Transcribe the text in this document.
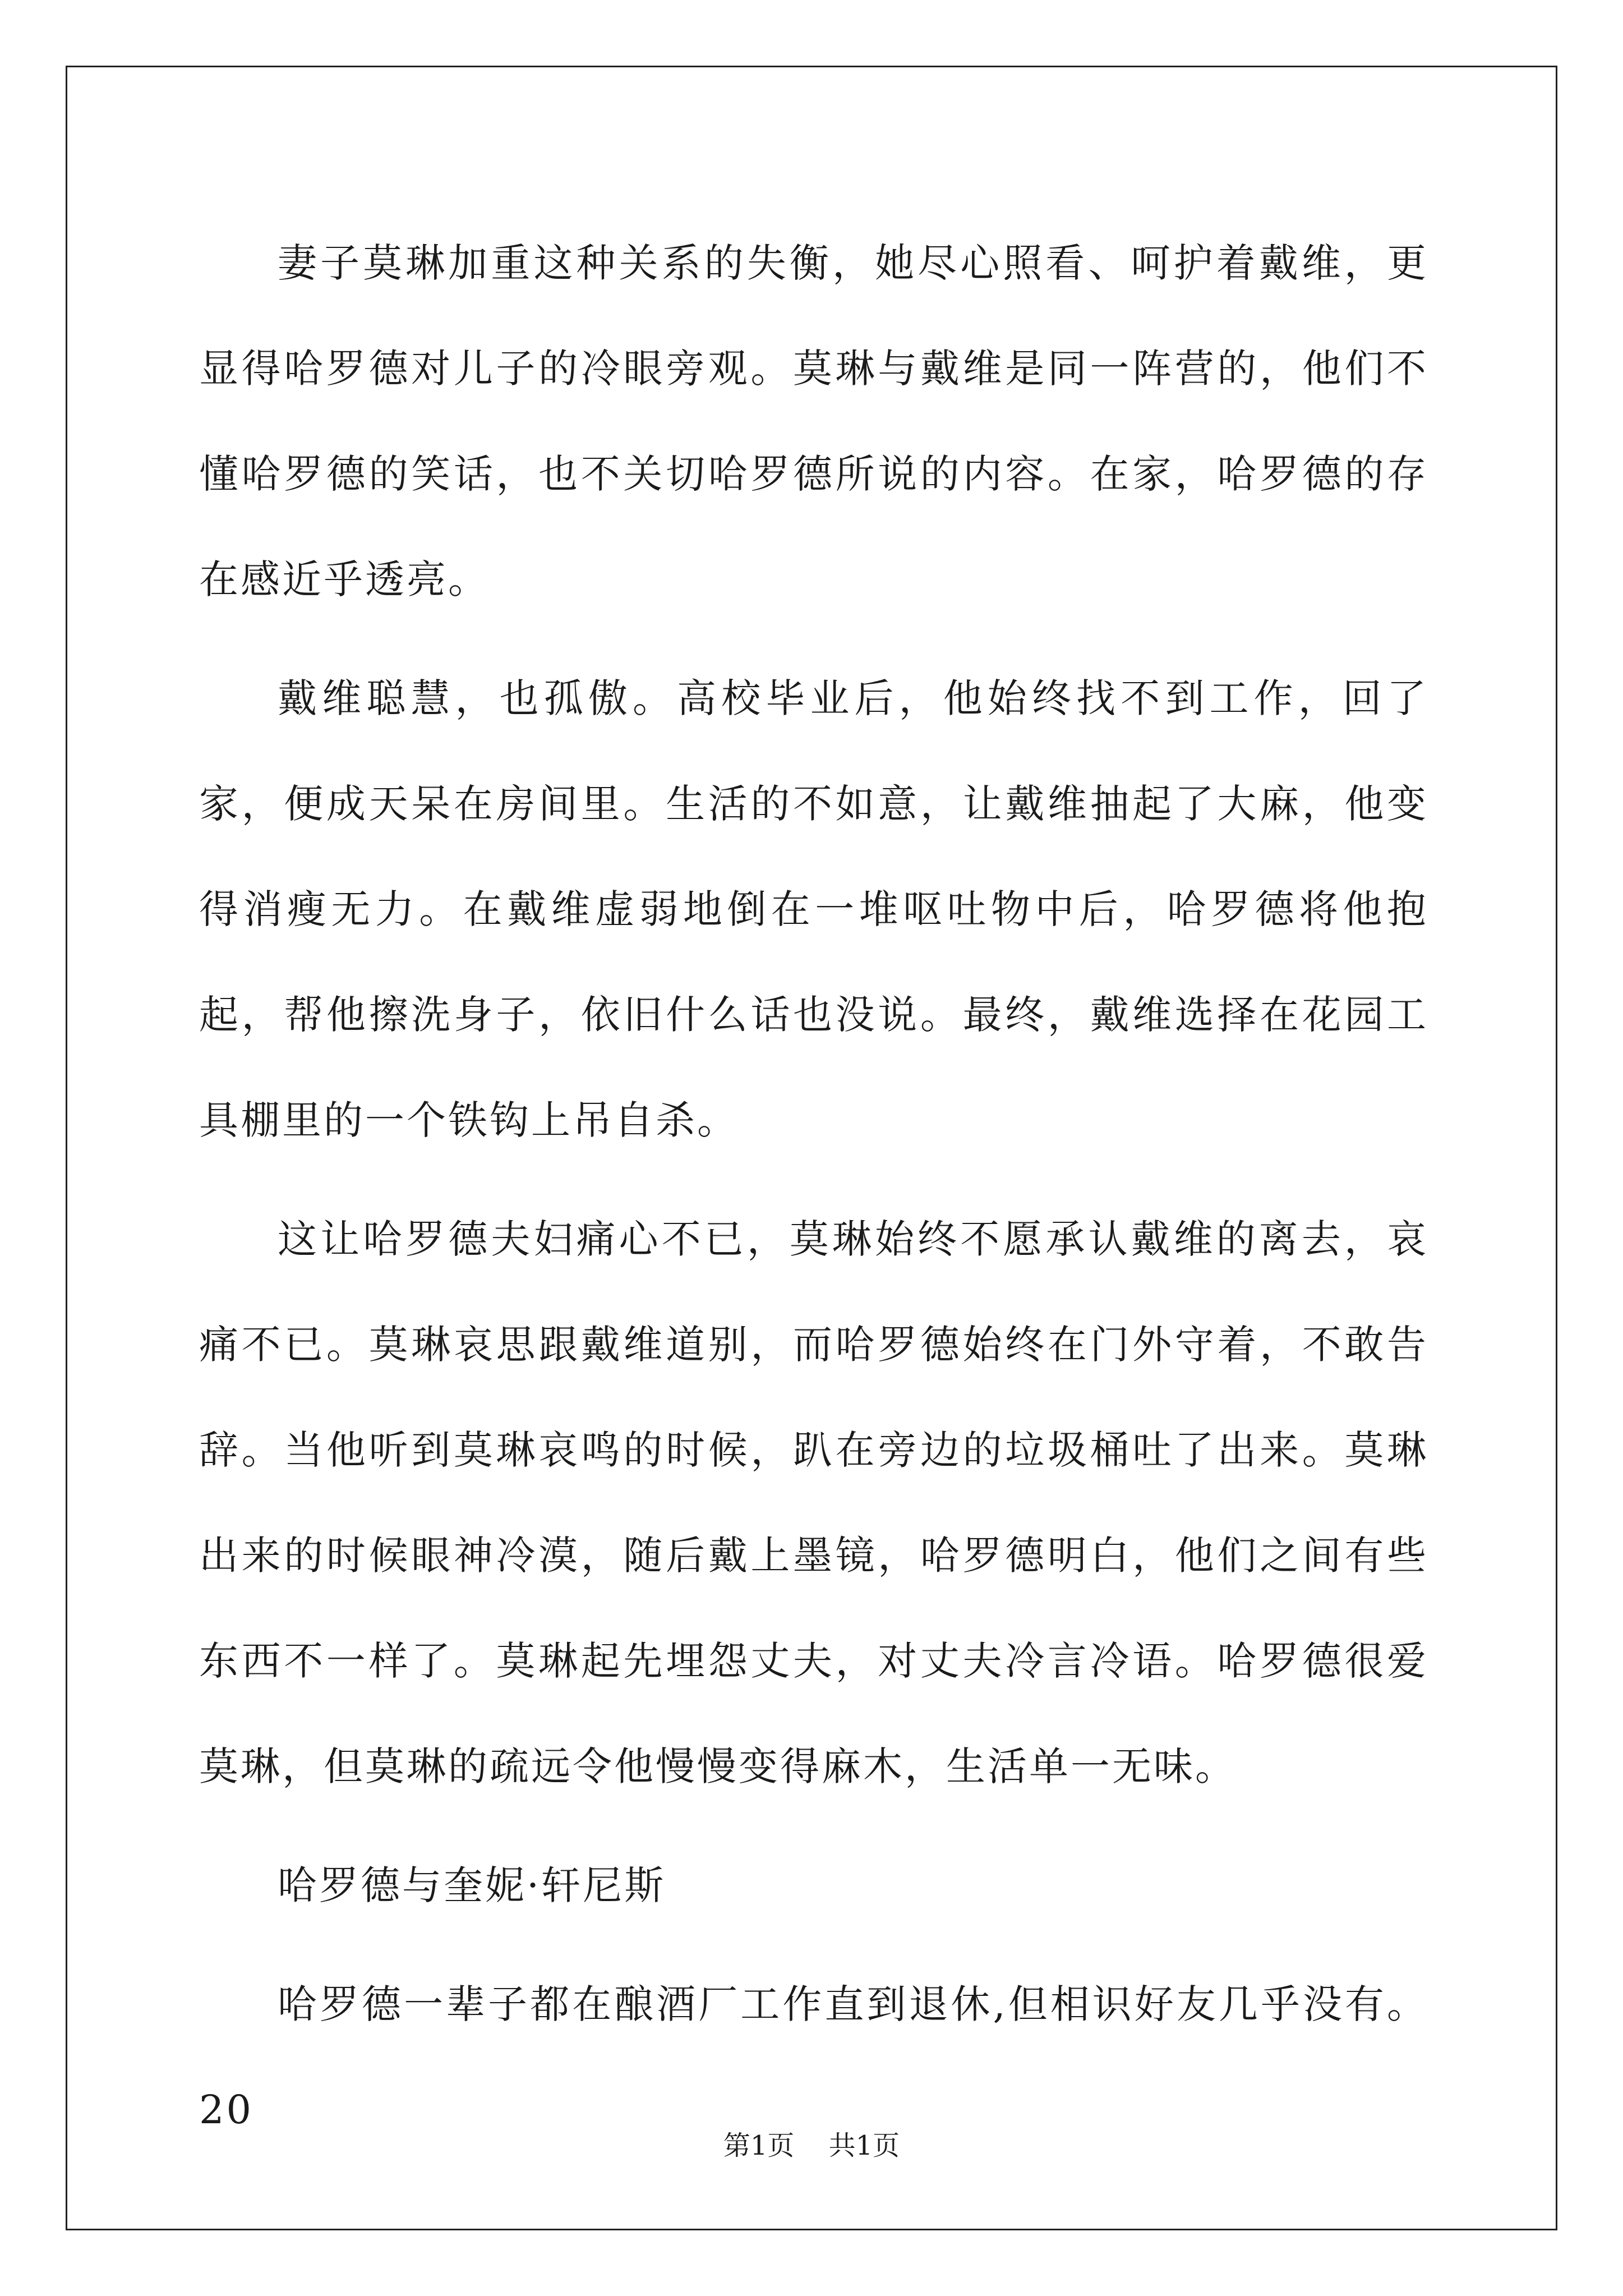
妻子莫琳加重这种关系的失衡，她尽心照看、呵护着戴维，更显得哈罗德对儿子的冷眼旁观。莫琳与戴维是同一阵营的，他们不懂哈罗德的笑话，也不关切哈罗德所说的内容。在家，哈罗德的存在感近乎透亮。

戴维聪慧，也孤傲。高校毕业后，他始终找不到工作，回了家，便成天呆在房间里。生活的不如意，让戴维抽起了大麻，他变得消瘦无力。在戴维虚弱地倒在一堆呕吐物中后，哈罗德将他抱起，帮他擦洗身子，依旧什么话也没说。最终，戴维选择在花园工具棚里的一个铁钩上吊自杀。

这让哈罗德夫妇痛心不已，莫琳始终不愿承认戴维的离去，哀痛不已。莫琳哀思跟戴维道别，而哈罗德始终在门外守着，不敢告辞。当他听到莫琳哀鸣的时候，趴在旁边的垃圾桶吐了出来。莫琳出来的时候眼神冷漠，随后戴上墨镜，哈罗德明白，他们之间有些东西不一样了。莫琳起先埋怨丈夫，对丈夫冷言冷语。哈罗德很爱莫琳，但莫琳的疏远令他慢慢变得麻木，生活单一无味。

哈罗德与奎妮·轩尼斯

哈罗德一辈子都在酿酒厂工作直到退休,但相识好友几乎没有。20

第1页 共1页
